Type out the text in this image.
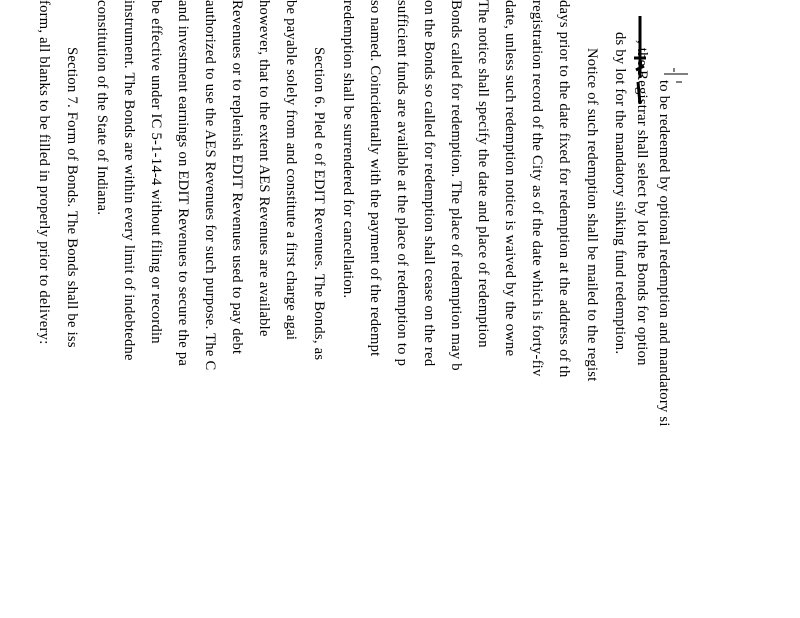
to be redeemed by optional redemption and mandatory si
, the Registrar shall select by lot the Bonds for option
ds by lot for the mandatory sinking fund redemption.
Notice of such redemption shall be mailed to the regist
days prior to the date fixed for redemption at the address of th
registration record of the City as of the date which is forty-fiv
date, unless such redemption notice is waived by the owne
The notice shall specify the date and place of redemption
Bonds called for redemption. The place of redemption may b
on the Bonds so called for redemption shall cease on the red
sufficient funds are available at the place of redemption to p
so named. Coincidentally with the payment of the redempt
redemption shall be surrendered for cancellation.
Section 6. Pled e of EDIT Revenues. The Bonds, as
be payable solely from and constitute a first charge agai
however, that to the extent AES Revenues are available
Revenues or to replenish EDIT Revenues used to pay debt
authorized to use the AES Revenues for such purpose. The C
and investment earnings on EDIT Revenues to secure the pa
be effective under IC 5-1-14-4 without filing or recordin
instrument. The Bonds are within every limit of indebtedne
constitution of the State of Indiana.
Section 7. Form of Bonds. The Bonds shall be iss
form, all blanks to be filled in properly prior to delivery:
